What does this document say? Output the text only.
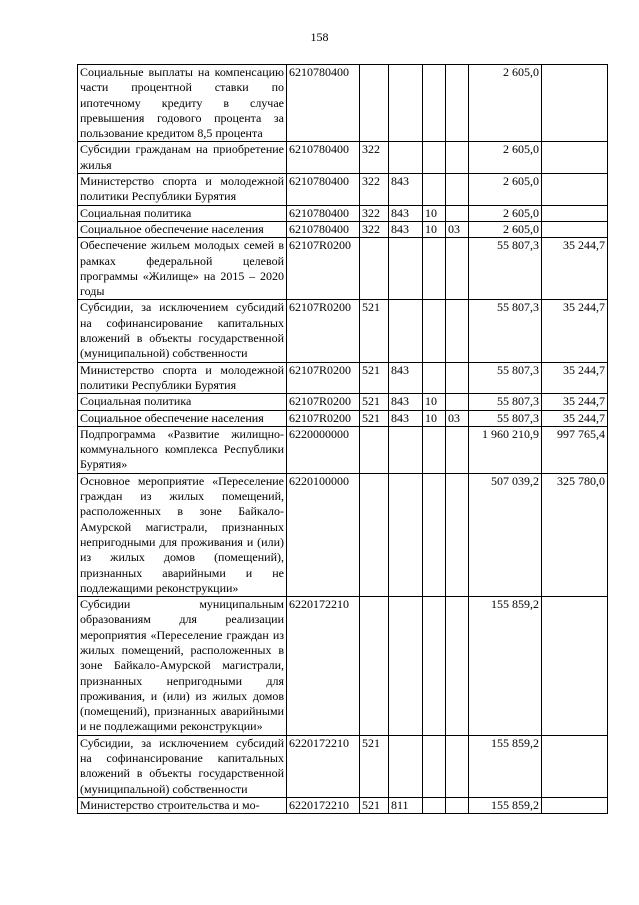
158
Социальные выплаты на компенсацию части процентной ставки по ипотечному кредиту в случае превышения годового процента за пользование кредитом 8,5 процента	6210780400					2 605,0	
Субсидии гражданам на приобретение жилья	6210780400	322				2 605,0	
Министерство спорта и молодежной политики Республики Бурятия	6210780400	322	843			2 605,0	
Социальная политика	6210780400	322	843	10		2 605,0	
Социальное обеспечение населения	6210780400	322	843	10	03	2 605,0	
Обеспечение жильем молодых семей в рамках федеральной целевой программы «Жилище» на 2015 – 2020 годы	62107R0200					55 807,3	35 244,7
Субсидии, за исключением субсидий на софинансирование капитальных вложений в объекты государственной (муниципальной) собственности	62107R0200	521				55 807,3	35 244,7
Министерство спорта и молодежной политики Республики Бурятия	62107R0200	521	843			55 807,3	35 244,7
Социальная политика	62107R0200	521	843	10		55 807,3	35 244,7
Социальное обеспечение населения	62107R0200	521	843	10	03	55 807,3	35 244,7
Подпрограмма «Развитие жилищно-коммунального комплекса Республики Бурятия»	6220000000					1 960 210,9	997 765,4
Основное мероприятие «Переселение граждан из жилых помещений, расположенных в зоне Байкало-Амурской магистрали, признанных непригодными для проживания и (или) из жилых домов (помещений), признанных аварийными и не подлежащими реконструкции»	6220100000					507 039,2	325 780,0
Субсидии муниципальным образованиям для реализации мероприятия «Переселение граждан из жилых помещений, расположенных в зоне Байкало-Амурской магистрали, признанных непригодными для проживания, и (или) из жилых домов (помещений), признанных аварийными и не подлежащими реконструкции»	6220172210					155 859,2	
Субсидии, за исключением субсидий на софинансирование капитальных вложений в объекты государственной (муниципальной) собственности	6220172210	521				155 859,2	
Министерство строительства и мо-	6220172210	521	811			155 859,2	
